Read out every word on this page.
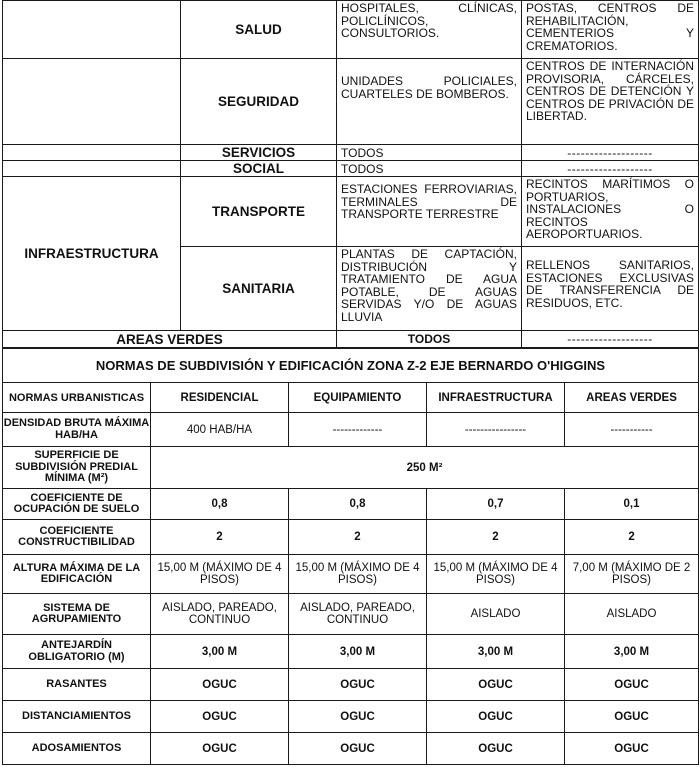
	SALUD	HOSPITALES, CLÍNICAS, POLICLÍNICOS, CONSULTORIOS.	POSTAS, CENTROS DE REHABILITACIÓN, CEMENTERIOS Y CREMATORIOS.
	SEGURIDAD	UNIDADES POLICIALES, CUARTELES DE BOMBEROS.	CENTROS DE INTERNACIÓN PROVISORIA, CÁRCELES, CENTROS DE DETENCIÓN Y CENTROS DE PRIVACIÓN DE LIBERTAD.
	SERVICIOS	TODOS	-------------------
	SOCIAL	TODOS	-------------------
INFRAESTRUCTURA	TRANSPORTE	ESTACIONES FERROVIARIAS, TERMINALES DE TRANSPORTE TERRESTRE	RECINTOS MARÍTIMOS O PORTUARIOS, INSTALACIONES O RECINTOS AEROPORTUARIOS.
	SANITARIA	PLANTAS DE CAPTACIÓN, DISTRIBUCIÓN Y TRATAMIENTO DE AGUA POTABLE, DE AGUAS SERVIDAS Y/O DE AGUAS LLUVIA	RELLENOS SANITARIOS, ESTACIONES EXCLUSIVAS DE TRANSFERENCIA DE RESIDUOS, ETC.
AREAS VERDES		TODOS	-------------------
NORMAS DE SUBDIVISIÓN Y EDIFICACIÓN ZONA Z-2 EJE BERNARDO O'HIGGINS				
NORMAS URBANISTICAS	RESIDENCIAL	EQUIPAMIENTO	INFRAESTRUCTURA	AREAS VERDES
DENSIDAD BRUTA MÁXIMA HAB/HA	400 HAB/HA	-------------	----------------	-----------
SUPERFICIE DE SUBDIVISIÓN PREDIAL MÍNIMA (M²)	250 M²			
COEFICIENTE DE OCUPACIÓN DE SUELO	0,8	0,8	0,7	0,1
COEFICIENTE CONSTRUCTIBILIDAD	2	2	2	2
ALTURA MÁXIMA DE LA EDIFICACIÓN	15,00 M (MÁXIMO DE 4 PISOS)	15,00 M (MÁXIMO DE 4 PISOS)	15,00 M (MÁXIMO DE 4 PISOS)	7,00 M (MÁXIMO DE 2 PISOS)
SISTEMA DE AGRUPAMIENTO	AISLADO, PAREADO, CONTINUO	AISLADO, PAREADO, CONTINUO	AISLADO	AISLADO
ANTEJARDÍN OBLIGATORIO (M)	3,00 M	3,00 M	3,00 M	3,00 M
RASANTES	OGUC	OGUC	OGUC	OGUC
DISTANCIAMIENTOS	OGUC	OGUC	OGUC	OGUC
ADOSAMIENTOS	OGUC	OGUC	OGUC	OGUC
